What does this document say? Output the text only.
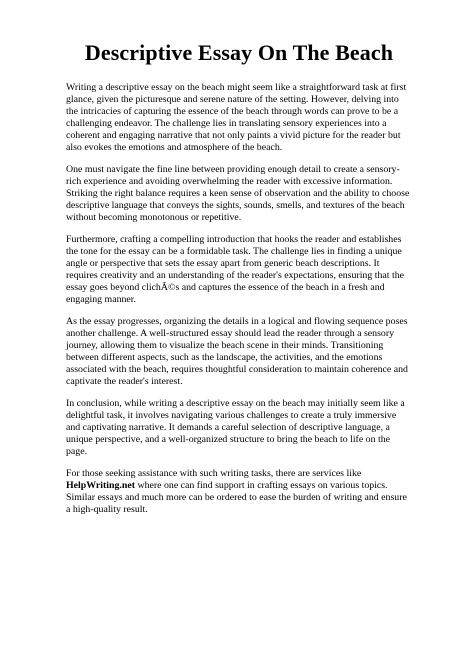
Descriptive Essay On The Beach

Writing a descriptive essay on the beach might seem like a straightforward task at first glance, given the picturesque and serene nature of the setting. However, delving into the intricacies of capturing the essence of the beach through words can prove to be a challenging endeavor. The challenge lies in translating sensory experiences into a coherent and engaging narrative that not only paints a vivid picture for the reader but also evokes the emotions and atmosphere of the beach.

One must navigate the fine line between providing enough detail to create a sensory-rich experience and avoiding overwhelming the reader with excessive information. Striking the right balance requires a keen sense of observation and the ability to choose descriptive language that conveys the sights, sounds, smells, and textures of the beach without becoming monotonous or repetitive.

Furthermore, crafting a compelling introduction that hooks the reader and establishes the tone for the essay can be a formidable task. The challenge lies in finding a unique angle or perspective that sets the essay apart from generic beach descriptions. It requires creativity and an understanding of the reader's expectations, ensuring that the essay goes beyond clichÃ©s and captures the essence of the beach in a fresh and engaging manner.

As the essay progresses, organizing the details in a logical and flowing sequence poses another challenge. A well-structured essay should lead the reader through a sensory journey, allowing them to visualize the beach scene in their minds. Transitioning between different aspects, such as the landscape, the activities, and the emotions associated with the beach, requires thoughtful consideration to maintain coherence and captivate the reader's interest.

In conclusion, while writing a descriptive essay on the beach may initially seem like a delightful task, it involves navigating various challenges to create a truly immersive and captivating narrative. It demands a careful selection of descriptive language, a unique perspective, and a well-organized structure to bring the beach to life on the page.

For those seeking assistance with such writing tasks, there are services like HelpWriting.net where one can find support in crafting essays on various topics. Similar essays and much more can be ordered to ease the burden of writing and ensure a high-quality result.
